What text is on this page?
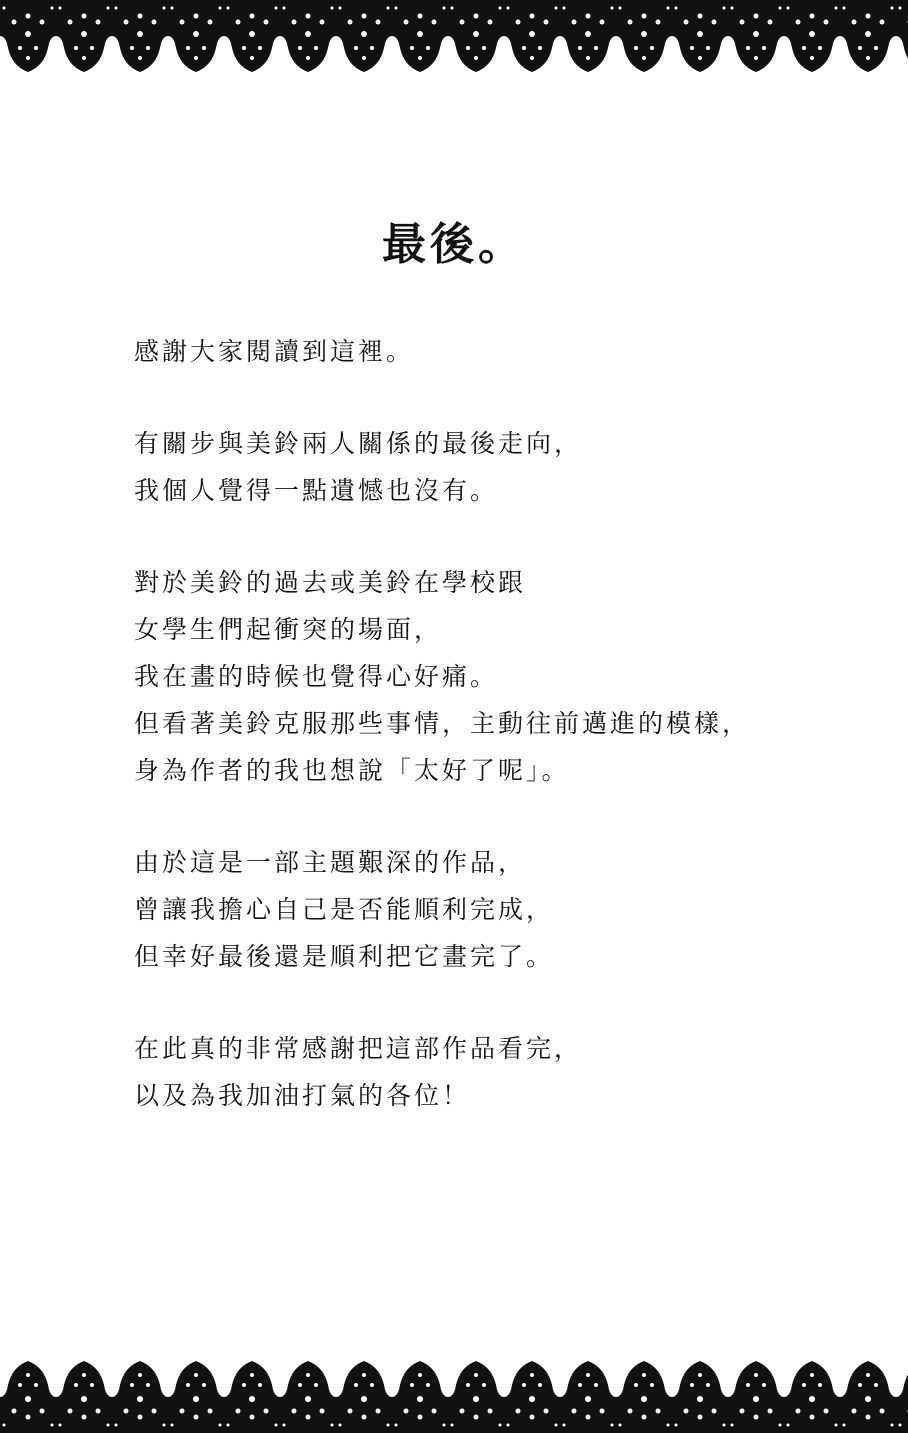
最後。
感謝大家閱讀到這裡。
有關步與美鈴兩人關係的最後走向，
我個人覺得一點遺憾也沒有。
對於美鈴的過去或美鈴在學校跟
女學生們起衝突的場面，
我在畫的時候也覺得心好痛。
但看著美鈴克服那些事情，主動往前邁進的模樣，
身為作者的我也想說「太好了呢」。
由於這是一部主題艱深的作品，
曾讓我擔心自己是否能順利完成，
但幸好最後還是順利把它畫完了。
在此真的非常感謝把這部作品看完，
以及為我加油打氣的各位！
